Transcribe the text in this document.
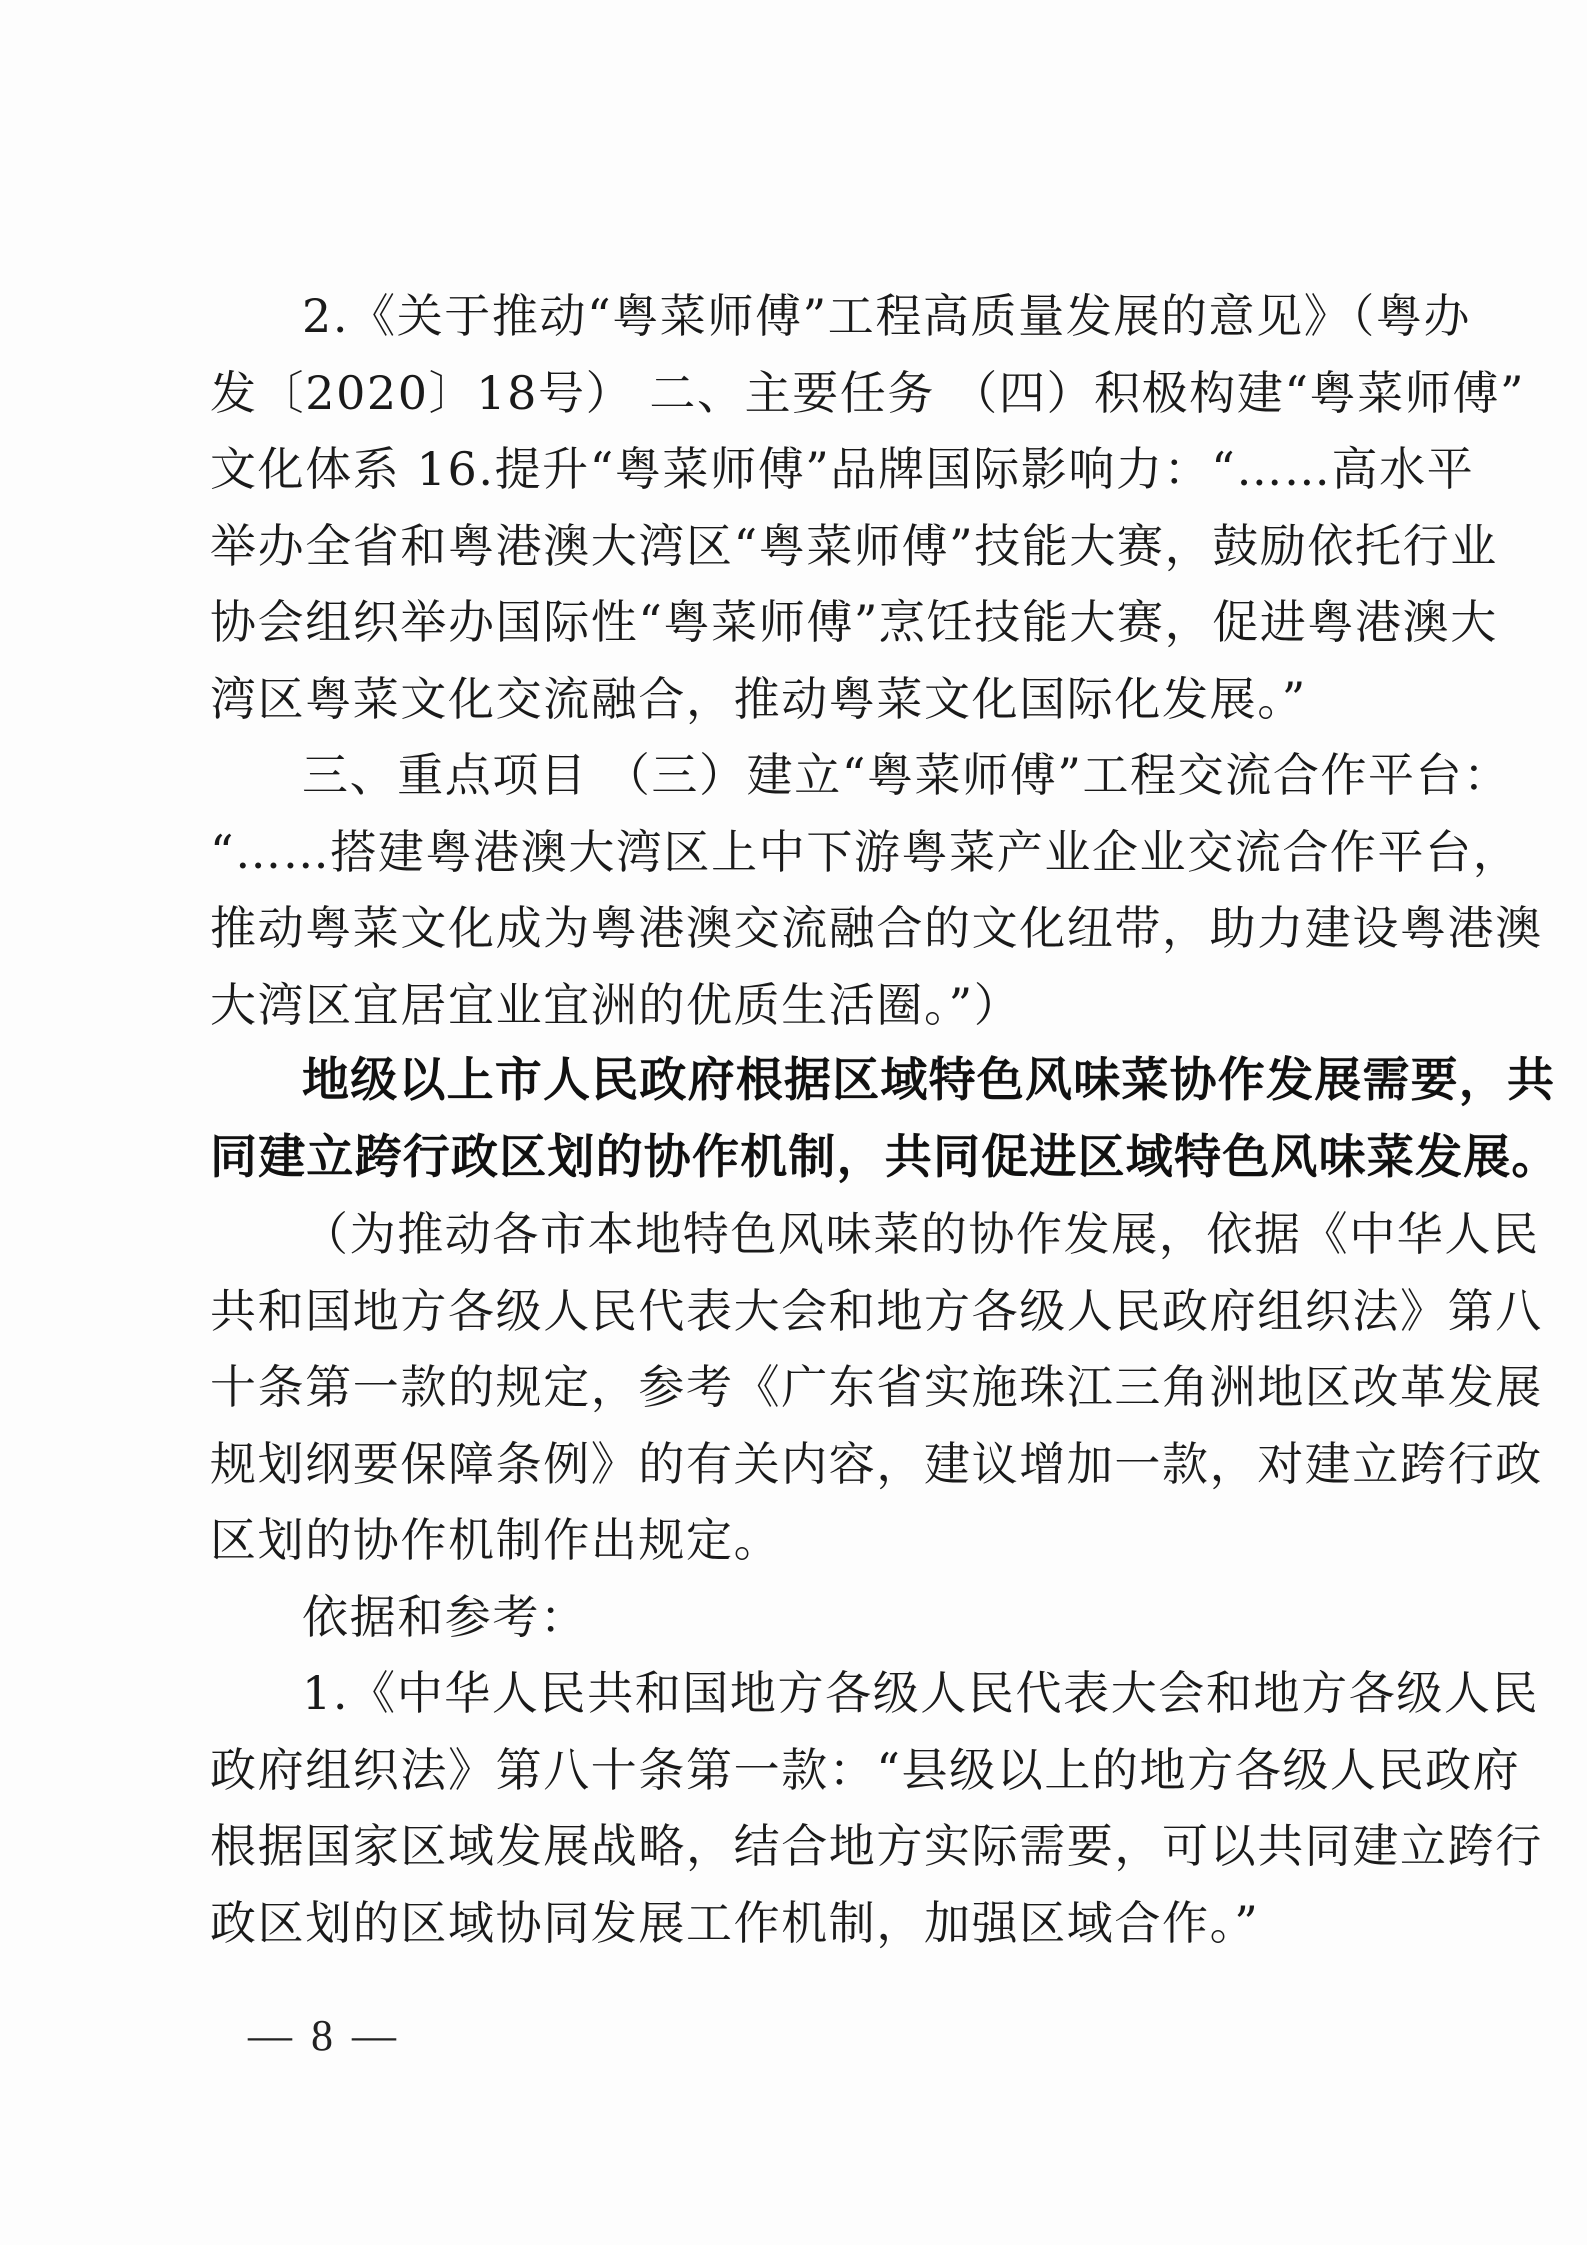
2.《关于推动“粤菜师傅”工程高质量发展的意见》（粤办
发〔2020〕18号） 二、主要任务 （四）积极构建“粤菜师傅”
文化体系 16.提升“粤菜师傅”品牌国际影响力：“……高水平
举办全省和粤港澳大湾区“粤菜师傅”技能大赛，鼓励依托行业
协会组织举办国际性“粤菜师傅”烹饪技能大赛，促进粤港澳大
湾区粤菜文化交流融合，推动粤菜文化国际化发展。”
三、重点项目 （三）建立“粤菜师傅”工程交流合作平台：
“……搭建粤港澳大湾区上中下游粤菜产业企业交流合作平台，
推动粤菜文化成为粤港澳交流融合的文化纽带，助力建设粤港澳
大湾区宜居宜业宜洲的优质生活圈。”）
地级以上市人民政府根据区域特色风味菜协作发展需要，共
同建立跨行政区划的协作机制，共同促进区域特色风味菜发展。
（为推动各市本地特色风味菜的协作发展，依据《中华人民
共和国地方各级人民代表大会和地方各级人民政府组织法》第八
十条第一款的规定，参考《广东省实施珠江三角洲地区改革发展
规划纲要保障条例》的有关内容，建议增加一款，对建立跨行政
区划的协作机制作出规定。
依据和参考：
1.《中华人民共和国地方各级人民代表大会和地方各级人民
政府组织法》第八十条第一款：“县级以上的地方各级人民政府
根据国家区域发展战略，结合地方实际需要，可以共同建立跨行
政区划的区域协同发展工作机制，加强区域合作。”
— 8 —
